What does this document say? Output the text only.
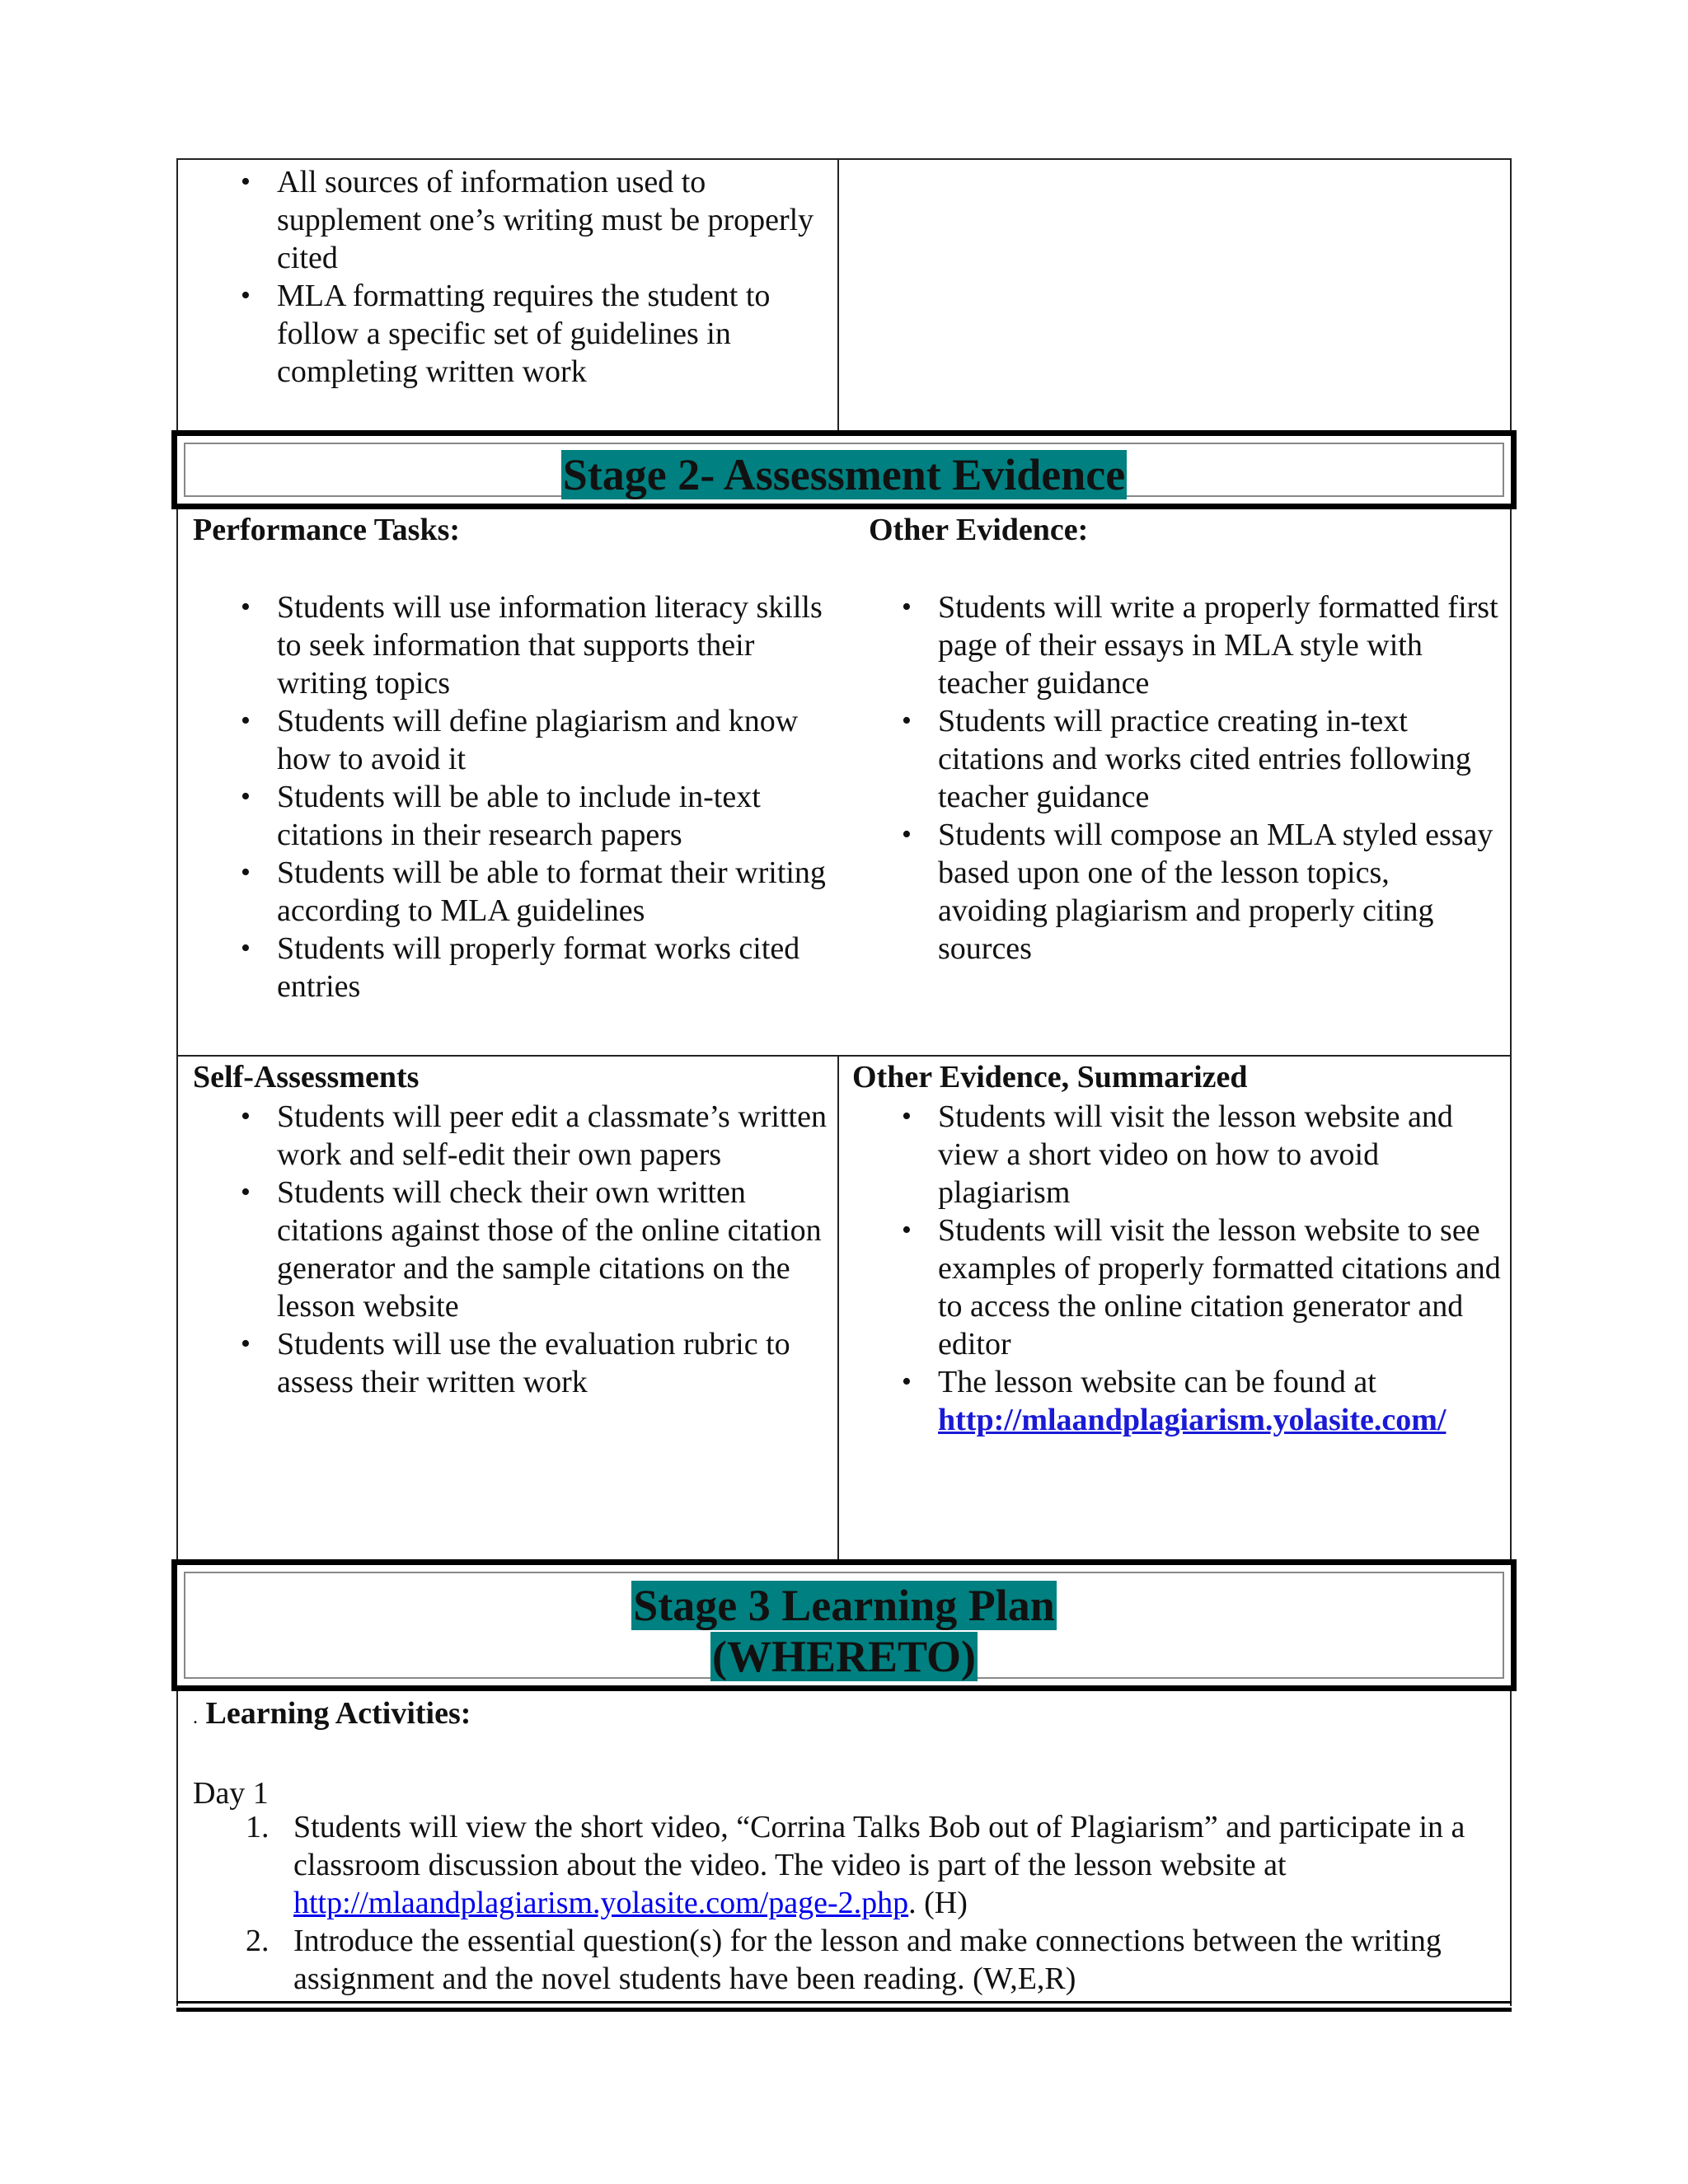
• All sources of information used to supplement one’s writing must be properly cited
• MLA formatting requires the student to follow a specific set of guidelines in completing written work
Stage 2- Assessment Evidence
Performance Tasks:
• Students will use information literacy skills to seek information that supports their writing topics
• Students will define plagiarism and know how to avoid it
• Students will be able to include in-text citations in their research papers
• Students will be able to format their writing according to MLA guidelines
• Students will properly format works cited entries
Other Evidence:
• Students will write a properly formatted first page of their essays in MLA style with teacher guidance
• Students will practice creating in-text citations and works cited entries following teacher guidance
• Students will compose an MLA styled essay based upon one of the lesson topics, avoiding plagiarism and properly citing sources
Self-Assessments
• Students will peer edit a classmate’s written work and self-edit their own papers
• Students will check their own written citations against those of the online citation generator and the sample citations on the lesson website
• Students will use the evaluation rubric to assess their written work
Other Evidence, Summarized
• Students will visit the lesson website and view a short video on how to avoid plagiarism
• Students will visit the lesson website to see examples of properly formatted citations and to access the online citation generator and editor
• The lesson website can be found at
http://mlaandplagiarism.yolasite.com/
Stage 3 Learning Plan
(WHERETO)
. Learning Activities:
Day 1
1. Students will view the short video, “Corrina Talks Bob out of Plagiarism” and participate in a classroom discussion about the video. The video is part of the lesson website at http://mlaandplagiarism.yolasite.com/page-2.php. (H)
2. Introduce the essential question(s) for the lesson and make connections between the writing assignment and the novel students have been reading. (W,E,R)
